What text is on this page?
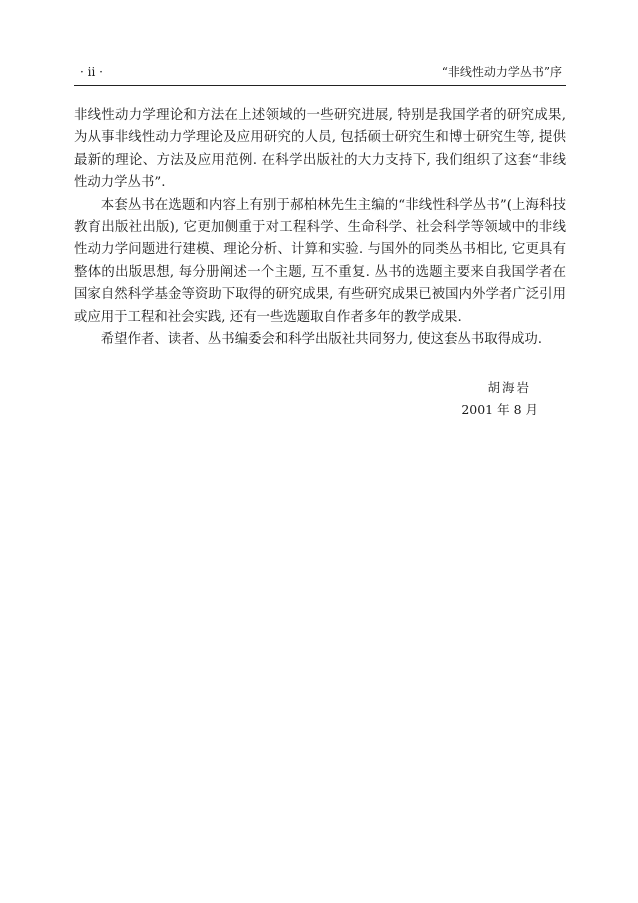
· ii ·	“非线性动力学丛书”序

非线性动力学理论和方法在上述领域的一些研究进展, 特别是我国学者的研究成果, 为从事非线性动力学理论及应用研究的人员, 包括硕士研究生和博士研究生等, 提供最新的理论、方法及应用范例. 在科学出版社的大力支持下, 我们组织了这套“非线性动力学丛书”.

本套丛书在选题和内容上有别于郝柏林先生主编的“非线性科学丛书”(上海科技教育出版社出版), 它更加侧重于对工程科学、生命科学、社会科学等领域中的非线性动力学问题进行建模、理论分析、计算和实验. 与国外的同类丛书相比, 它更具有整体的出版思想, 每分册阐述一个主题, 互不重复. 丛书的选题主要来自我国学者在国家自然科学基金等资助下取得的研究成果, 有些研究成果已被国内外学者广泛引用或应用于工程和社会实践, 还有一些选题取自作者多年的教学成果.

希望作者、读者、丛书编委会和科学出版社共同努力, 使这套丛书取得成功.

胡海岩
2001 年 8 月
